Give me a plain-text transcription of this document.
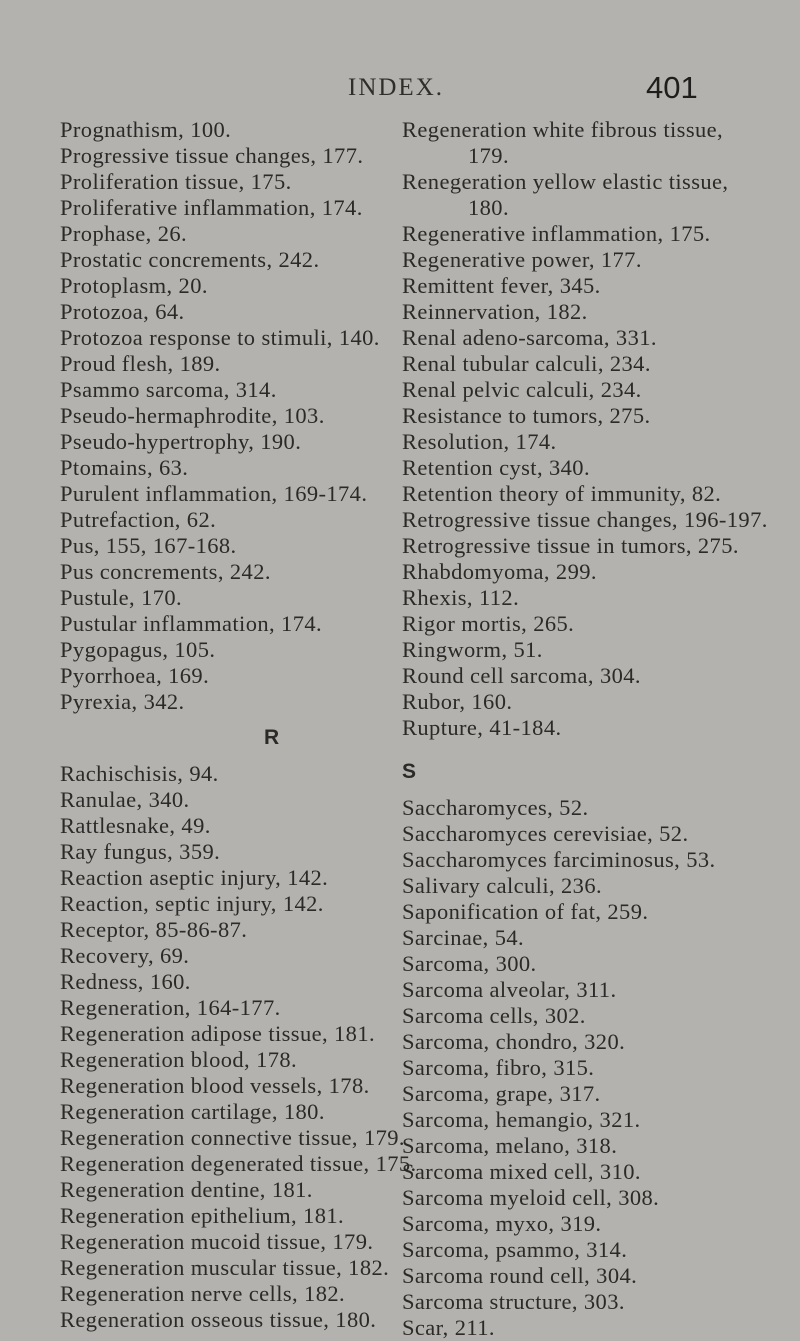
INDEX.	401
Prognathism, 100.
Progressive tissue changes, 177.
Proliferation tissue, 175.
Proliferative inflammation, 174.
Prophase, 26.
Prostatic concrements, 242.
Protoplasm, 20.
Protozoa, 64.
Protozoa response to stimuli, 140.
Proud flesh, 189.
Psammo sarcoma, 314.
Pseudo-hermaphrodite, 103.
Pseudo-hypertrophy, 190.
Ptomains, 63.
Purulent inflammation, 169-174.
Putrefaction, 62.
Pus, 155, 167-168.
Pus concrements, 242.
Pustule, 170.
Pustular inflammation, 174.
Pygopagus, 105.
Pyorrhoea, 169.
Pyrexia, 342.
R
Rachischisis, 94.
Ranulae, 340.
Rattlesnake, 49.
Ray fungus, 359.
Reaction aseptic injury, 142.
Reaction, septic injury, 142.
Receptor, 85-86-87.
Recovery, 69.
Redness, 160.
Regeneration, 164-177.
Regeneration adipose tissue, 181.
Regeneration blood, 178.
Regeneration blood vessels, 178.
Regeneration cartilage, 180.
Regeneration connective tissue, 179.
Regeneration degenerated tissue, 175.
Regeneration dentine, 181.
Regeneration epithelium, 181.
Regeneration mucoid tissue, 179.
Regeneration muscular tissue, 182.
Regeneration nerve cells, 182.
Regeneration osseous tissue, 180.
Regeneration white fibrous tissue,
179.
Renegeration yellow elastic tissue,
180.
Regenerative inflammation, 175.
Regenerative power, 177.
Remittent fever, 345.
Reinnervation, 182.
Renal adeno-sarcoma, 331.
Renal tubular calculi, 234.
Renal pelvic calculi, 234.
Resistance to tumors, 275.
Resolution, 174.
Retention cyst, 340.
Retention theory of immunity, 82.
Retrogressive tissue changes, 196-197.
Retrogressive tissue in tumors, 275.
Rhabdomyoma, 299.
Rhexis, 112.
Rigor mortis, 265.
Ringworm, 51.
Round cell sarcoma, 304.
Rubor, 160.
Rupture, 41-184.
S
Saccharomyces, 52.
Saccharomyces cerevisiae, 52.
Saccharomyces farciminosus, 53.
Salivary calculi, 236.
Saponification of fat, 259.
Sarcinae, 54.
Sarcoma, 300.
Sarcoma alveolar, 311.
Sarcoma cells, 302.
Sarcoma, chondro, 320.
Sarcoma, fibro, 315.
Sarcoma, grape, 317.
Sarcoma, hemangio, 321.
Sarcoma, melano, 318.
Sarcoma mixed cell, 310.
Sarcoma myeloid cell, 308.
Sarcoma, myxo, 319.
Sarcoma, psammo, 314.
Sarcoma round cell, 304.
Sarcoma structure, 303.
Scar, 211.
